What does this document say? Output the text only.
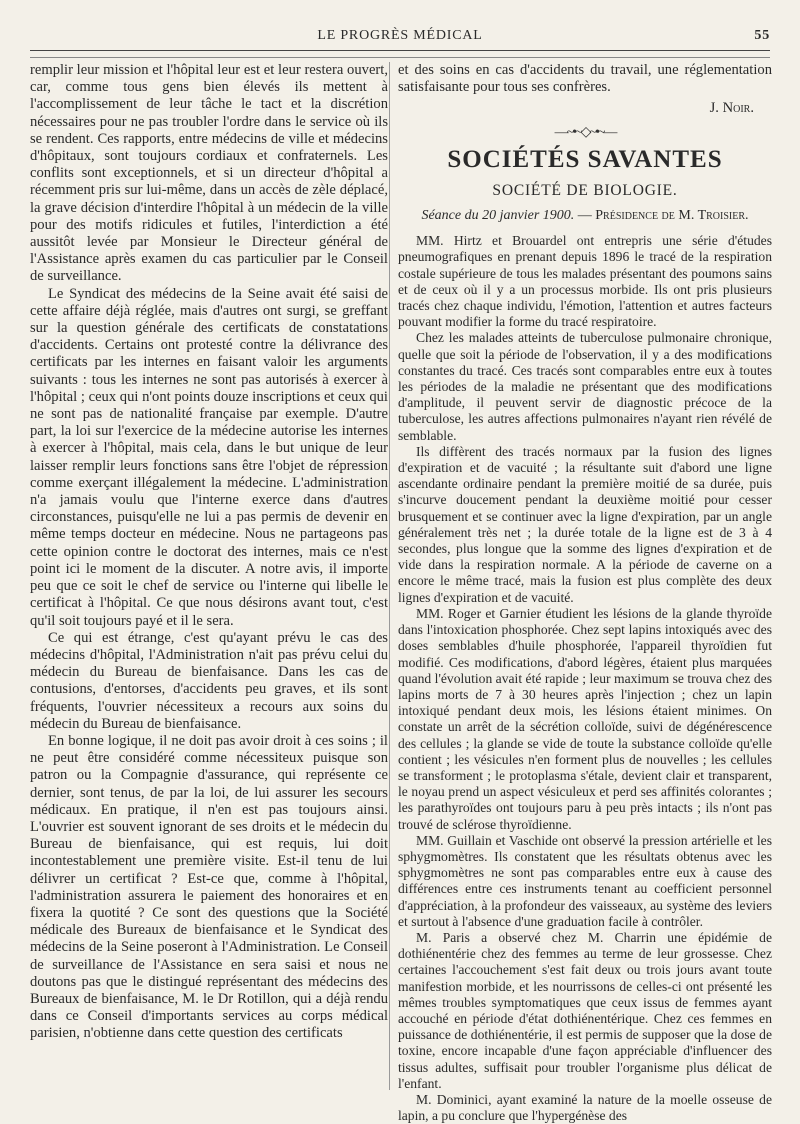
LE PROGRÈS MÉDICAL	55

remplir leur mission et l'hôpital leur est et leur restera ouvert, car, comme tous gens bien élevés ils mettent à l'accomplissement de leur tâche le tact et la discrétion nécessaires pour ne pas troubler l'ordre dans le service où ils se rendent. Ces rapports, entre médecins de ville et médecins d'hôpitaux, sont toujours cordiaux et confraternels. Les conflits sont exceptionnels, et si un directeur d'hôpital a récemment pris sur lui-même, dans un accès de zèle déplacé, la grave décision d'interdire l'hôpital à un médecin de la ville pour des motifs ridicules et futiles, l'interdiction a été aussitôt levée par Monsieur le Directeur général de l'Assistance après examen du cas particulier par le Conseil de surveillance.

Le Syndicat des médecins de la Seine avait été saisi de cette affaire déjà réglée, mais d'autres ont surgi, se greffant sur la question générale des certificats de constatations d'accidents. Certains ont protesté contre la délivrance des certificats par les internes en faisant valoir les arguments suivants : tous les internes ne sont pas autorisés à exercer à l'hôpital ; ceux qui n'ont points douze inscriptions et ceux qui ne sont pas de nationalité française par exemple. D'autre part, la loi sur l'exercice de la médecine autorise les internes à exercer à l'hôpital, mais cela, dans le but unique de leur laisser remplir leurs fonctions sans être l'objet de répression comme exerçant illégalement la médecine. L'administration n'a jamais voulu que l'interne exerce dans d'autres circonstances, puisqu'elle ne lui a pas permis de devenir en même temps docteur en médecine. Nous ne partageons pas cette opinion contre le doctorat des internes, mais ce n'est point ici le moment de la discuter. A notre avis, il importe peu que ce soit le chef de service ou l'interne qui libelle le certificat à l'hôpital. Ce que nous désirons avant tout, c'est qu'il soit toujours payé et il le sera.

Ce qui est étrange, c'est qu'ayant prévu le cas des médecins d'hôpital, l'Administration n'ait pas prévu celui du médecin du Bureau de bienfaisance. Dans les cas de contusions, d'entorses, d'accidents peu graves, et ils sont fréquents, l'ouvrier nécessiteux a recours aux soins du médecin du Bureau de bienfaisance.

En bonne logique, il ne doit pas avoir droit à ces soins ; il ne peut être considéré comme nécessiteux puisque son patron ou la Compagnie d'assurance, qui représente ce dernier, sont tenus, de par la loi, de lui assurer les secours médicaux. En pratique, il n'en est pas toujours ainsi. L'ouvrier est souvent ignorant de ses droits et le médecin du Bureau de bienfaisance, qui est requis, lui doit incontestablement une première visite. Est-il tenu de lui délivrer un certificat ? Est-ce que, comme à l'hôpital, l'administration assurera le paiement des honoraires et en fixera la quotité ? Ce sont des questions que la Société médicale des Bureaux de bienfaisance et le Syndicat des médecins de la Seine poseront à l'Administration. Le Conseil de surveillance de l'Assistance en sera saisi et nous ne doutons pas que le distingué représentant des médecins des Bureaux de bienfaisance, M. le Dr Rotillon, qui a déjà rendu dans ce Conseil d'importants services au corps médical parisien, n'obtienne dans cette question des certificats

et des soins en cas d'accidents du travail, une réglementation satisfaisante pour tous ses confrères.

J. Noir.
—~•~◇~•~—
SOCIÉTÉS SAVANTES
SOCIÉTÉ DE BIOLOGIE.
Séance du 20 janvier 1900. — Présidence de M. Troisier.

MM. Hirtz et Brouardel ont entrepris une série d'études pneumografiques en prenant depuis 1896 le tracé de la respiration costale supérieure de tous les malades présentant des poumons sains et de ceux où il y a un processus morbide. Ils ont pris plusieurs tracés chez chaque individu, l'émotion, l'attention et autres facteurs pouvant modifier la forme du tracé respiratoire.

Chez les malades atteints de tuberculose pulmonaire chronique, quelle que soit la période de l'observation, il y a des modifications constantes du tracé. Ces tracés sont comparables entre eux à toutes les périodes de la maladie ne présentant que des modifications d'amplitude, il peuvent servir de diagnostic précoce de la tuberculose, les autres affections pulmonaires n'ayant rien révélé de semblable.

Ils diffèrent des tracés normaux par la fusion des lignes d'expiration et de vacuité ; la résultante suit d'abord une ligne ascendante ordinaire pendant la première moitié de sa durée, puis s'incurve doucement pendant la deuxième moitié pour cesser brusquement et se continuer avec la ligne d'expiration, par un angle généralement très net ; la durée totale de la ligne est de 3 à 4 secondes, plus longue que la somme des lignes d'expiration et de vide dans la respiration normale. A la période de caverne on a encore le même tracé, mais la fusion est plus complète des deux lignes d'expiration et de vacuité.

MM. Roger et Garnier étudient les lésions de la glande thyroïde dans l'intoxication phosphorée. Chez sept lapins intoxiqués avec des doses semblables d'huile phosphorée, l'appareil thyroïdien fut modifié. Ces modifications, d'abord légères, étaient plus marquées quand l'évolution avait été rapide ; leur maximum se trouva chez des lapins morts de 7 à 30 heures après l'injection ; chez un lapin intoxiqué pendant deux mois, les lésions étaient minimes. On constate un arrêt de la sécrétion colloïde, suivi de dégénérescence des cellules ; la glande se vide de toute la substance colloïde qu'elle contient ; les vésicules n'en forment plus de nouvelles ; les cellules se transforment ; le protoplasma s'étale, devient clair et transparent, le noyau prend un aspect vésiculeux et perd ses affinités colorantes ; les parathyroïdes ont toujours paru à peu près intacts ; ils n'ont pas trouvé de sclérose thyroïdienne.

MM. Guillain et Vaschide ont observé la pression artérielle et les sphygmomètres. Ils constatent que les résultats obtenus avec les sphygmomètres ne sont pas comparables entre eux à cause des différences entre ces instruments tenant au coefficient personnel d'appréciation, à la profondeur des vaisseaux, au système des leviers et surtout à l'absence d'une graduation facile à contrôler.

M. Paris a observé chez M. Charrin une épidémie de dothiénentérie chez des femmes au terme de leur grossesse. Chez certaines l'accouchement s'est fait deux ou trois jours avant toute manifestion morbide, et les nourrissons de celles-ci ont présenté les mêmes troubles symptomatiques que ceux issus de femmes ayant accouché en période d'état dothiénentérique. Chez ces femmes en puissance de dothiénentérie, il est permis de supposer que la dose de toxine, encore incapable d'une façon appréciable d'influencer des tissus adultes, suffisait pour troubler l'organisme plus délicat de l'enfant.

M. Dominici, ayant examiné la nature de la moelle osseuse de lapin, a pu conclure que l'hypergénèse des
